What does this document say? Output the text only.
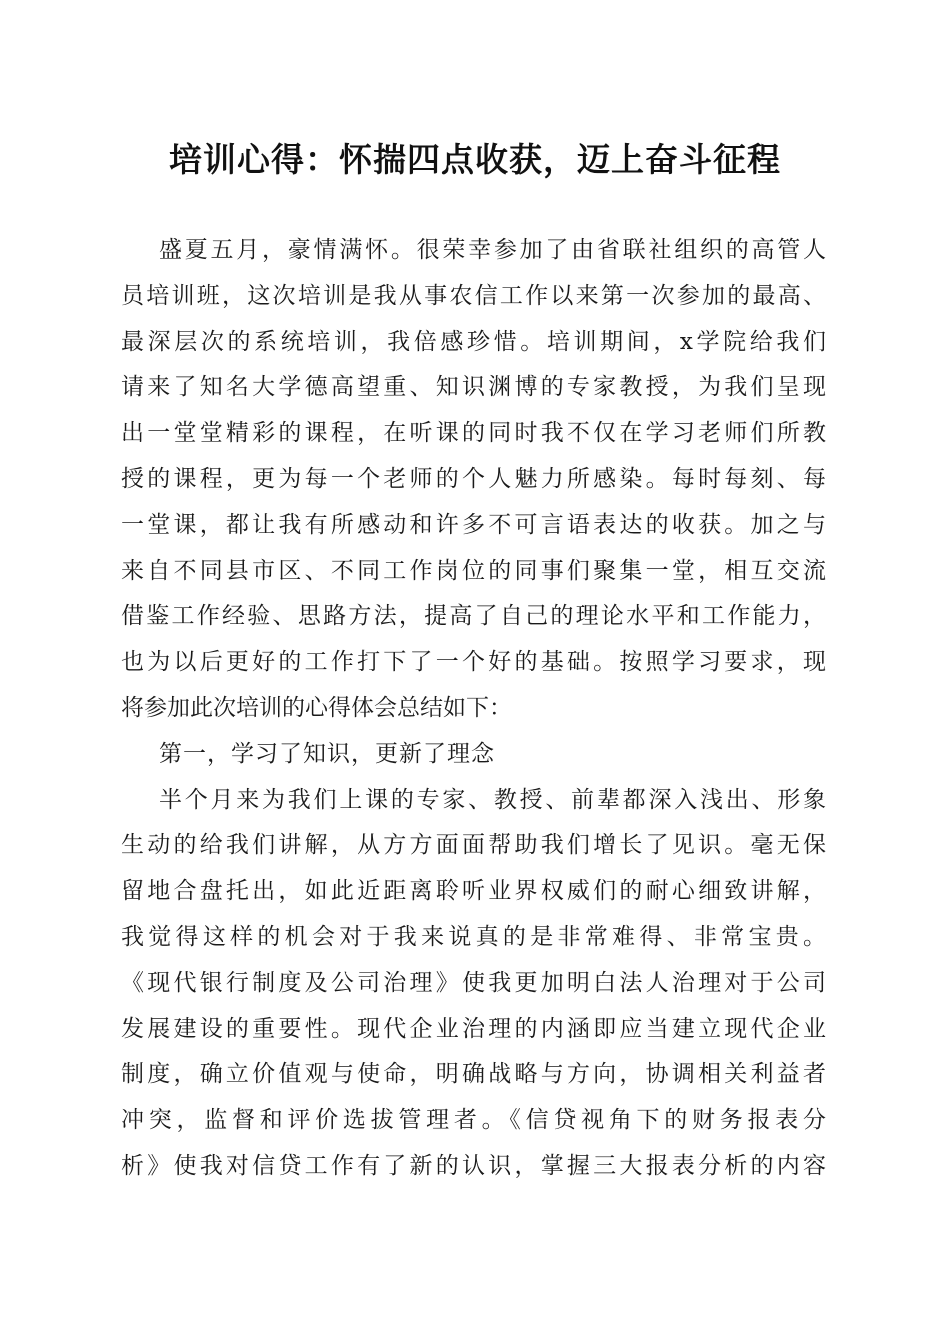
培训心得：怀揣四点收获，迈上奋斗征程
盛夏五月，豪情满怀。很荣幸参加了由省联社组织的高管人
员培训班，这次培训是我从事农信工作以来第一次参加的最高、
最深层次的系统培训，我倍感珍惜。培训期间，x学院给我们
请来了知名大学德高望重、知识渊博的专家教授，为我们呈现
出一堂堂精彩的课程，在听课的同时我不仅在学习老师们所教
授的课程，更为每一个老师的个人魅力所感染。每时每刻、每
一堂课，都让我有所感动和许多不可言语表达的收获。加之与
来自不同县市区、不同工作岗位的同事们聚集一堂，相互交流
借鉴工作经验、思路方法，提高了自己的理论水平和工作能力，
也为以后更好的工作打下了一个好的基础。按照学习要求，现
将参加此次培训的心得体会总结如下：
第一，学习了知识，更新了理念
半个月来为我们上课的专家、教授、前辈都深入浅出、形象
生动的给我们讲解，从方方面面帮助我们增长了见识。毫无保
留地合盘托出，如此近距离聆听业界权威们的耐心细致讲解，
我觉得这样的机会对于我来说真的是非常难得、非常宝贵。
《现代银行制度及公司治理》使我更加明白法人治理对于公司
发展建设的重要性。现代企业治理的内涵即应当建立现代企业
制度，确立价值观与使命，明确战略与方向，协调相关利益者
冲突，监督和评价选拔管理者。《信贷视角下的财务报表分
析》使我对信贷工作有了新的认识，掌握三大报表分析的内容
